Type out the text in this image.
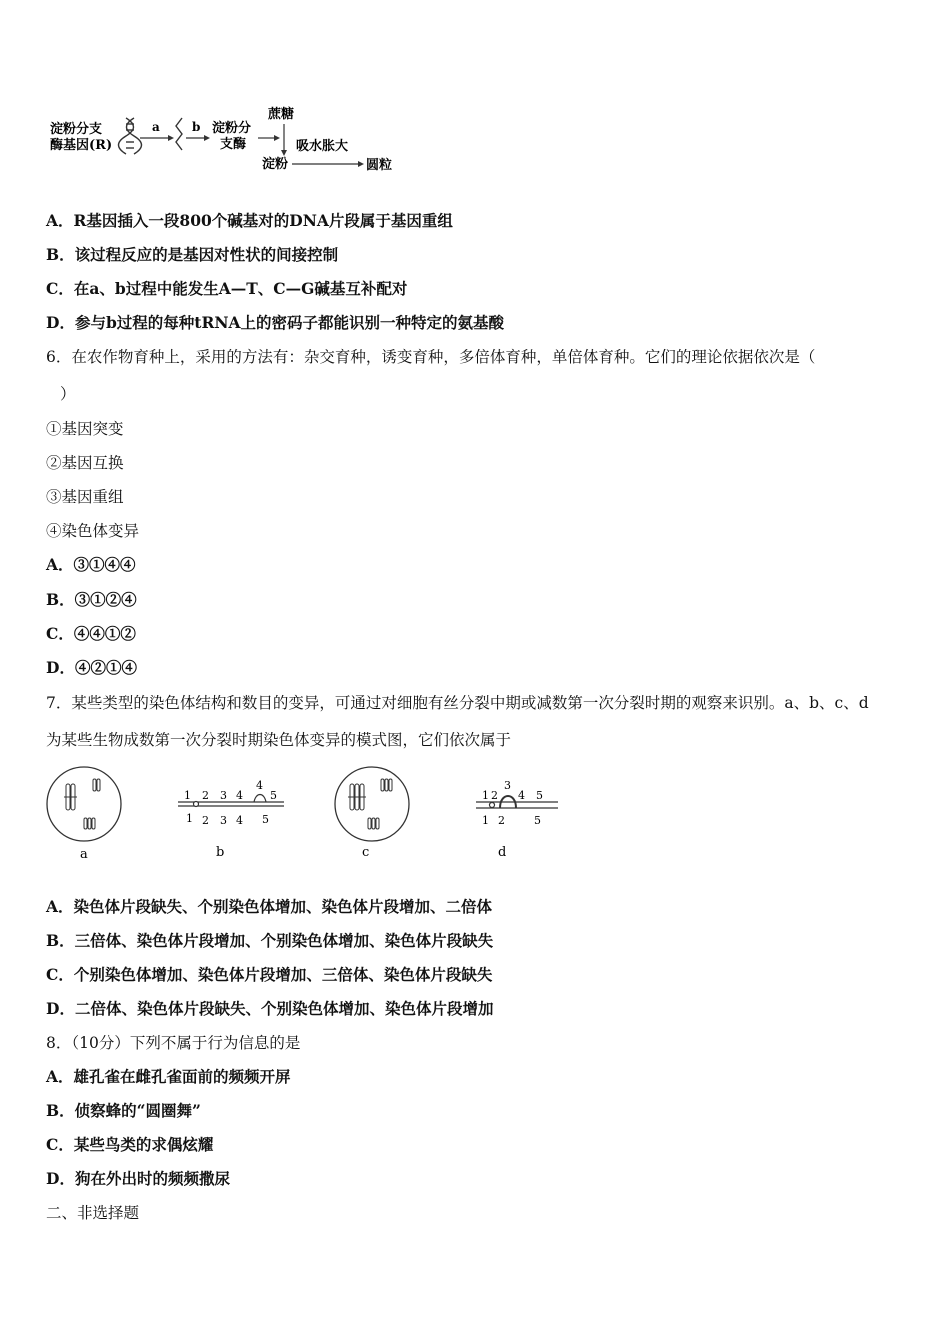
淀粉分支
酶基因(R)
a	b 淀粉分
支酶
蔗糖
吸水胀大
淀粉	圆粒
A．R基因插入一段800个碱基对的DNA片段属于基因重组
B．该过程反应的是基因对性状的间接控制
C．在a、b过程中能发生A—T、C—G碱基互补配对
D．参与b过程的每种tRNA上的密码子都能识别一种特定的氨基酸
6．在农作物育种上，采用的方法有：杂交育种，诱变育种，多倍体育种，单倍体育种。它们的理论依据依次是（
）
①基因突变
②基因互换
③基因重组
④染色体变异
A．③①④④
B．③①②④
C．④④①②
D．④②①④
7．某些类型的染色体结构和数目的变异，可通过对细胞有丝分裂中期或减数第一次分裂时期的观察来识别。a、b、c、d
为某些生物成数第一次分裂时期染色体变异的模式图，它们依次属于
a
1 2 3 4
4
5
1 2 3 4 5
b	c
1 2
3
4 5
1 2	5
d
A．染色体片段缺失、个别染色体增加、染色体片段增加、二倍体
B．三倍体、染色体片段增加、个别染色体增加、染色体片段缺失
C．个别染色体增加、染色体片段增加、三倍体、染色体片段缺失
D．二倍体、染色体片段缺失、个别染色体增加、染色体片段增加
8．（10分）下列不属于行为信息的是
A．雄孔雀在雌孔雀面前的频频开屏
B．侦察蜂的“圆圈舞”
C．某些鸟类的求偶炫耀
D．狗在外出时的频频撒尿
二、非选择题
